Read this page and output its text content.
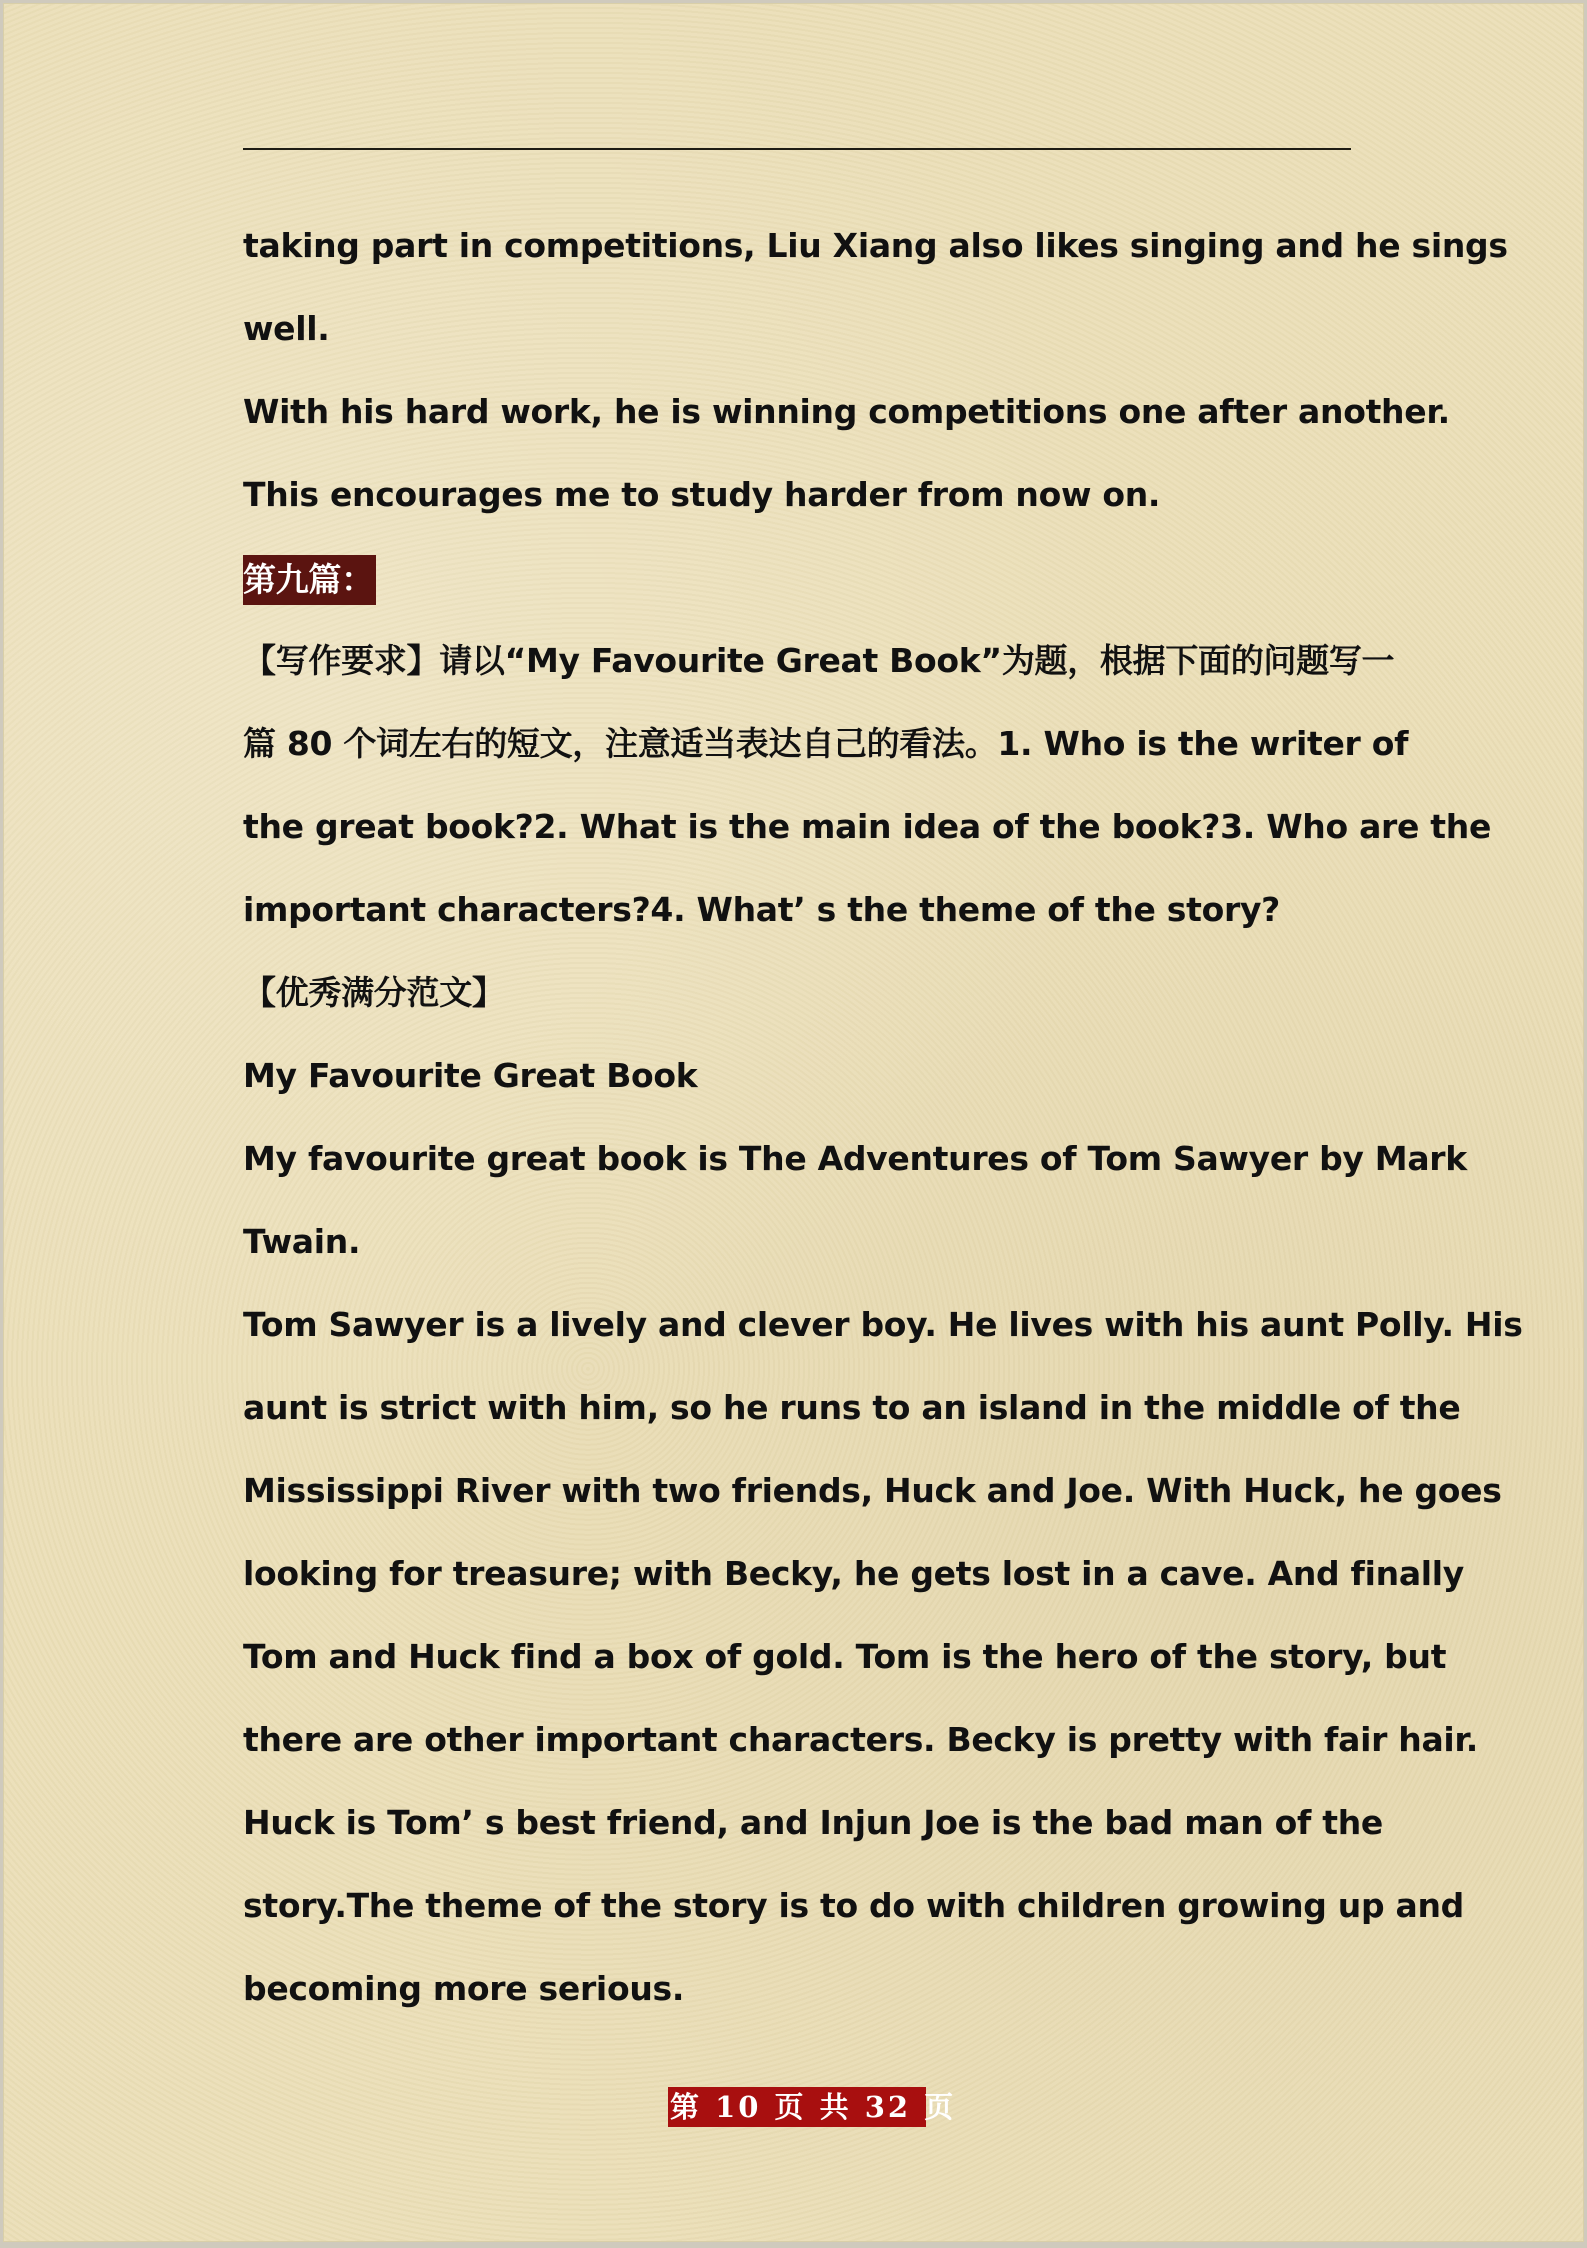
taking part in competitions, Liu Xiang also likes singing and he sings
well.
With his hard work, he is winning competitions one after another.
This encourages me to study harder from now on.
第九篇：
【写作要求】请以“My Favourite Great Book”为题，根据下面的问题写一
篇 80 个词左右的短文，注意适当表达自己的看法。1. Who is the writer of
the great book?2. What is the main idea of the book?3. Who are the
important characters?4. What’ s the theme of the story?
【优秀满分范文】
My Favourite Great Book
My favourite great book is The Adventures of Tom Sawyer by Mark
Twain.
Tom Sawyer is a lively and clever boy. He lives with his aunt Polly. His
aunt is strict with him, so he runs to an island in the middle of the
Mississippi River with two friends, Huck and Joe. With Huck, he goes
looking for treasure; with Becky, he gets lost in a cave. And finally
Tom and Huck find a box of gold. Tom is the hero of the story, but
there are other important characters. Becky is pretty with fair hair.
Huck is Tom’ s best friend, and Injun Joe is the bad man of the
story.The theme of the story is to do with children growing up and
becoming more serious.
第 10 页 共 32 页
